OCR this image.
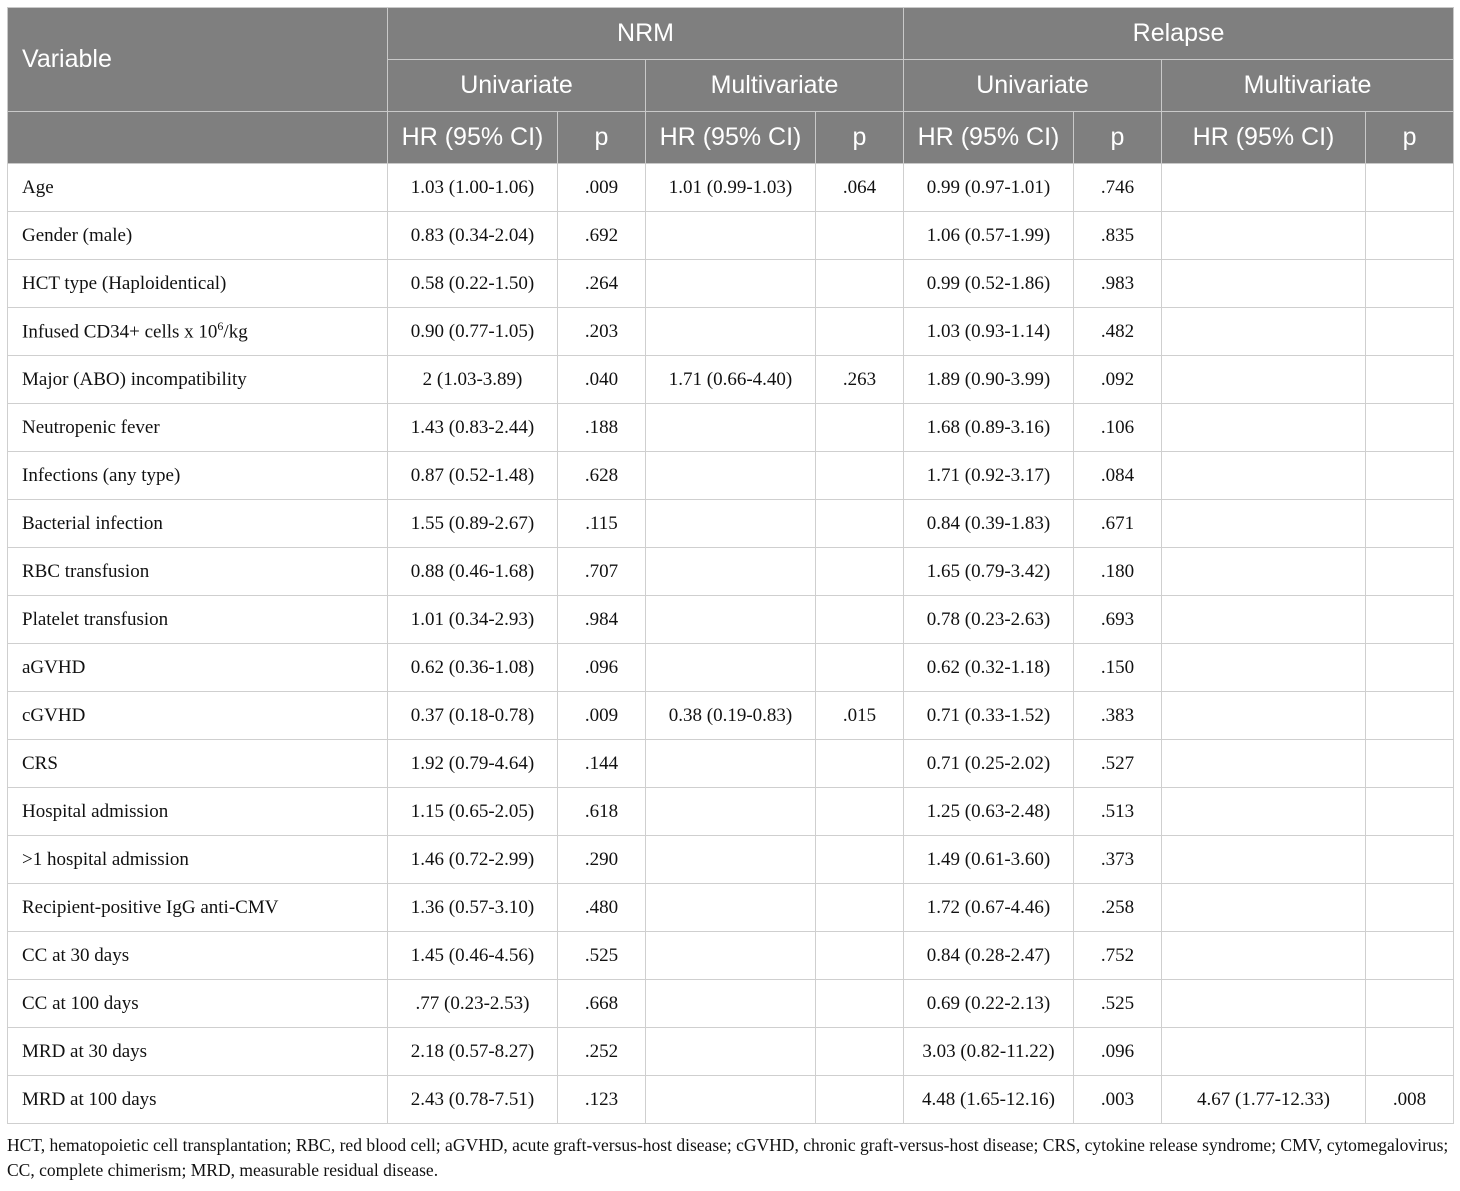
Variable	NRM				Relapse			
	Univariate		Multivariate		Univariate		Multivariate	
	HR (95% CI)	p	HR (95% CI)	p	HR (95% CI)	p	HR (95% CI)	p
Age	1.03 (1.00-1.06)	.009	1.01 (0.99-1.03)	.064	0.99 (0.97-1.01)	.746		
Gender (male)	0.83 (0.34-2.04)	.692			1.06 (0.57-1.99)	.835		
HCT type (Haploidentical)	0.58 (0.22-1.50)	.264			0.99 (0.52-1.86)	.983		
Infused CD34+ cells x $10^6/kg$	0.90 (0.77-1.05)	.203			1.03 (0.93-1.14)	.482		
Major (ABO) incompatibility	2 (1.03-3.89)	.040	1.71 (0.66-4.40)	.263	1.89 (0.90-3.99)	.092		
Neutropenic fever	1.43 (0.83-2.44)	.188			1.68 (0.89-3.16)	.106		
Infections (any type)	0.87 (0.52-1.48)	.628			1.71 (0.92-3.17)	.084		
Bacterial infection	1.55 (0.89-2.67)	.115			0.84 (0.39-1.83)	.671		
RBC transfusion	0.88 (0.46-1.68)	.707			1.65 (0.79-3.42)	.180		
Platelet transfusion	1.01 (0.34-2.93)	.984			0.78 (0.23-2.63)	.693		
aGVHD	0.62 (0.36-1.08)	.096			0.62 (0.32-1.18)	.150		
cGVHD	0.37 (0.18-0.78)	.009	0.38 (0.19-0.83)	.015	0.71 (0.33-1.52)	.383		
CRS	1.92 (0.79-4.64)	.144			0.71 (0.25-2.02)	.527		
Hospital admission	1.15 (0.65-2.05)	.618			1.25 (0.63-2.48)	.513		
>1 hospital admission	1.46 (0.72-2.99)	.290			1.49 (0.61-3.60)	.373		
Recipient-positive IgG anti-CMV	1.36 (0.57-3.10)	.480			1.72 (0.67-4.46)	.258		
CC at 30 days	1.45 (0.46-4.56)	.525			0.84 (0.28-2.47)	.752		
CC at 100 days	.77 (0.23-2.53)	.668			0.69 (0.22-2.13)	.525		
MRD at 30 days	2.18 (0.57-8.27)	.252			3.03 (0.82-11.22)	.096		
MRD at 100 days	2.43 (0.78-7.51)	.123			4.48 (1.65-12.16)	.003	4.67 (1.77-12.33)	.008
HCT, hematopoietic cell transplantation; RBC, red blood cell; aGVHD, acute graft-versus-host disease; cGVHD, chronic graft-versus-host disease; CRS, cytokine release syndrome; CMV, cytomegalovirus; CC, complete chimerism; MRD, measurable residual disease.
